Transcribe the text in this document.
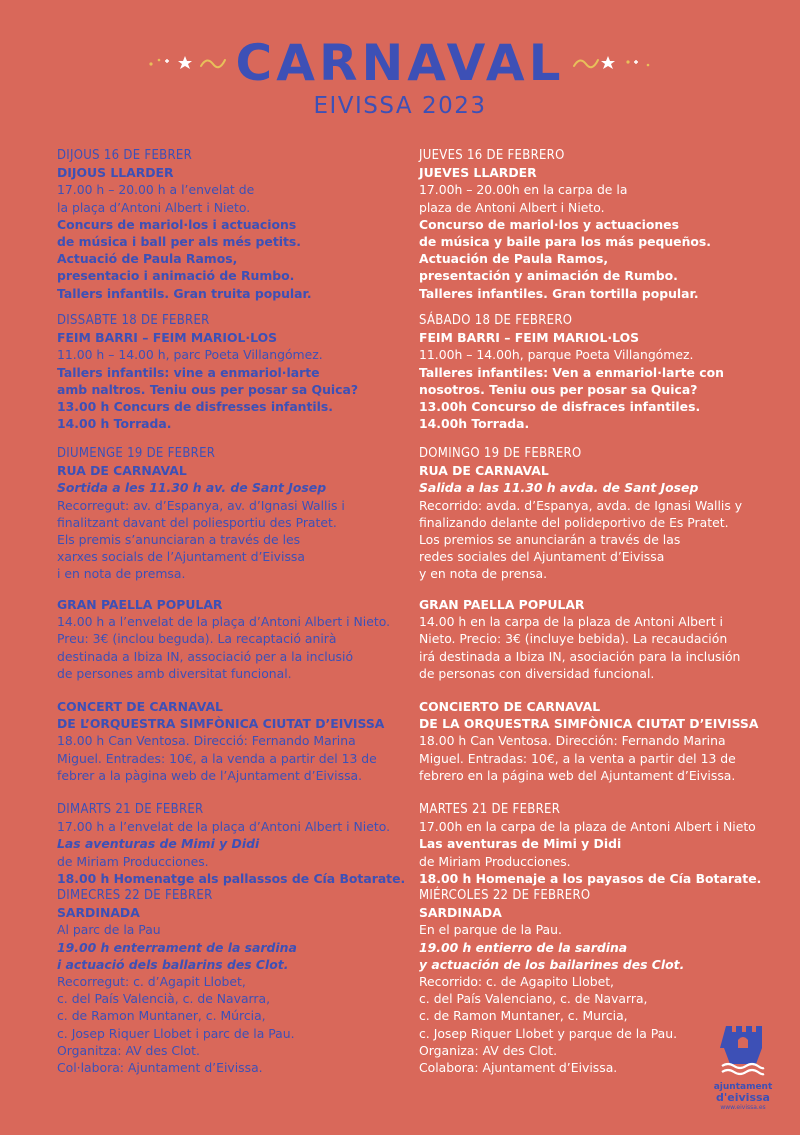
CARNAVAL
EIVISSA 2023
DIJOUS 16 DE FEBRER
DIJOUS LLARDER
17.00 h – 20.00 h a l’envelat de
la plaça d’Antoni Albert i Nieto.
Concurs de mariol·los i actuacions
de música i ball per als més petits.
Actuació de Paula Ramos,
presentacio i animació de Rumbo.
Tallers infantils. Gran truita popular.
DISSABTE 18 DE FEBRER
FEIM BARRI – FEIM MARIOL·LOS
11.00 h – 14.00 h, parc Poeta Villangómez.
Tallers infantils: vine a enmariol·larte
amb naltros. Teniu ous per posar sa Quica?
13.00 h Concurs de disfresses infantils.
14.00 h Torrada.
DIUMENGE 19 DE FEBRER
RUA DE CARNAVAL
Sortida a les 11.30 h av. de Sant Josep
Recorregut: av. d’Espanya, av. d’Ignasi Wallis i
finalitzant davant del poliesportiu des Pratet.
Els premis s’anunciaran a través de les
xarxes socials de l’Ajuntament d’Eivissa
i en nota de premsa.
GRAN PAELLA POPULAR
14.00 h a l’envelat de la plaça d’Antoni Albert i Nieto.
Preu: 3€ (inclou beguda). La recaptació anirà
destinada a Ibiza IN, associació per a la inclusió
de persones amb diversitat funcional.
CONCERT DE CARNAVAL
DE L’ORQUESTRA SIMFÒNICA CIUTAT D’EIVISSA
18.00 h Can Ventosa. Direcció: Fernando Marina
Miguel. Entrades: 10€, a la venda a partir del 13 de
febrer a la pàgina web de l’Ajuntament d’Eivissa.
DIMARTS 21 DE FEBRER
17.00 h a l’envelat de la plaça d’Antoni Albert i Nieto.
Las aventuras de Mimi y Didi
de Miriam Producciones.
18.00 h Homenatge als pallassos de Cía Botarate.
DIMECRES 22 DE FEBRER
SARDINADA
Al parc de la Pau
19.00 h enterrament de la sardina
i actuació dels ballarins des Clot.
Recorregut: c. d’Agapit Llobet,
c. del País Valencià, c. de Navarra,
c. de Ramon Muntaner, c. Múrcia,
c. Josep Riquer Llobet i parc de la Pau.
Organitza: AV des Clot.
Col·labora: Ajuntament d’Eivissa.
JUEVES 16 DE FEBRERO
JUEVES LLARDER
17.00h – 20.00h en la carpa de la
plaza de Antoni Albert i Nieto.
Concurso de mariol·los y actuaciones
de música y baile para los más pequeños.
Actuación de Paula Ramos,
presentación y animación de Rumbo.
Talleres infantiles. Gran tortilla popular.
SÁBADO 18 DE FEBRERO
FEIM BARRI – FEIM MARIOL·LOS
11.00h – 14.00h, parque Poeta Villangómez.
Talleres infantiles: Ven a enmariol·larte con
nosotros. Teniu ous per posar sa Quica?
13.00h Concurso de disfraces infantiles.
14.00h Torrada.
DOMINGO 19 DE FEBRERO
RUA DE CARNAVAL
Salida a las 11.30 h avda. de Sant Josep
Recorrido: avda. d’Espanya, avda. de Ignasi Wallis y
finalizando delante del polideportivo de Es Pratet.
Los premios se anunciarán a través de las
redes sociales del Ajuntament d’Eivissa
y en nota de prensa.
GRAN PAELLA POPULAR
14.00 h en la carpa de la plaza de Antoni Albert i
Nieto. Precio: 3€ (incluye bebida). La recaudación
irá destinada a Ibiza IN, asociación para la inclusión
de personas con diversidad funcional.
CONCIERTO DE CARNAVAL
DE LA ORQUESTRA SIMFÒNICA CIUTAT D’EIVISSA
18.00 h Can Ventosa. Dirección: Fernando Marina
Miguel. Entradas: 10€, a la venta a partir del 13 de
febrero en la página web del Ajuntament d’Eivissa.
MARTES 21 DE FEBRER
17.00h en la carpa de la plaza de Antoni Albert i Nieto
Las aventuras de Mimi y Didi
de Miriam Producciones.
18.00 h Homenaje a los payasos de Cía Botarate.
MIÉRCOLES 22 DE FEBRERO
SARDINADA
En el parque de la Pau.
19.00 h entierro de la sardina
y actuación de los bailarines des Clot.
Recorrido: c. de Agapito Llobet,
c. del País Valenciano, c. de Navarra,
c. de Ramon Muntaner, c. Murcia,
c. Josep Riquer Llobet y parque de la Pau.
Organiza: AV des Clot.
Colabora: Ajuntament d’Eivissa.
ajuntament
d'eivissa
www.eivissa.es
